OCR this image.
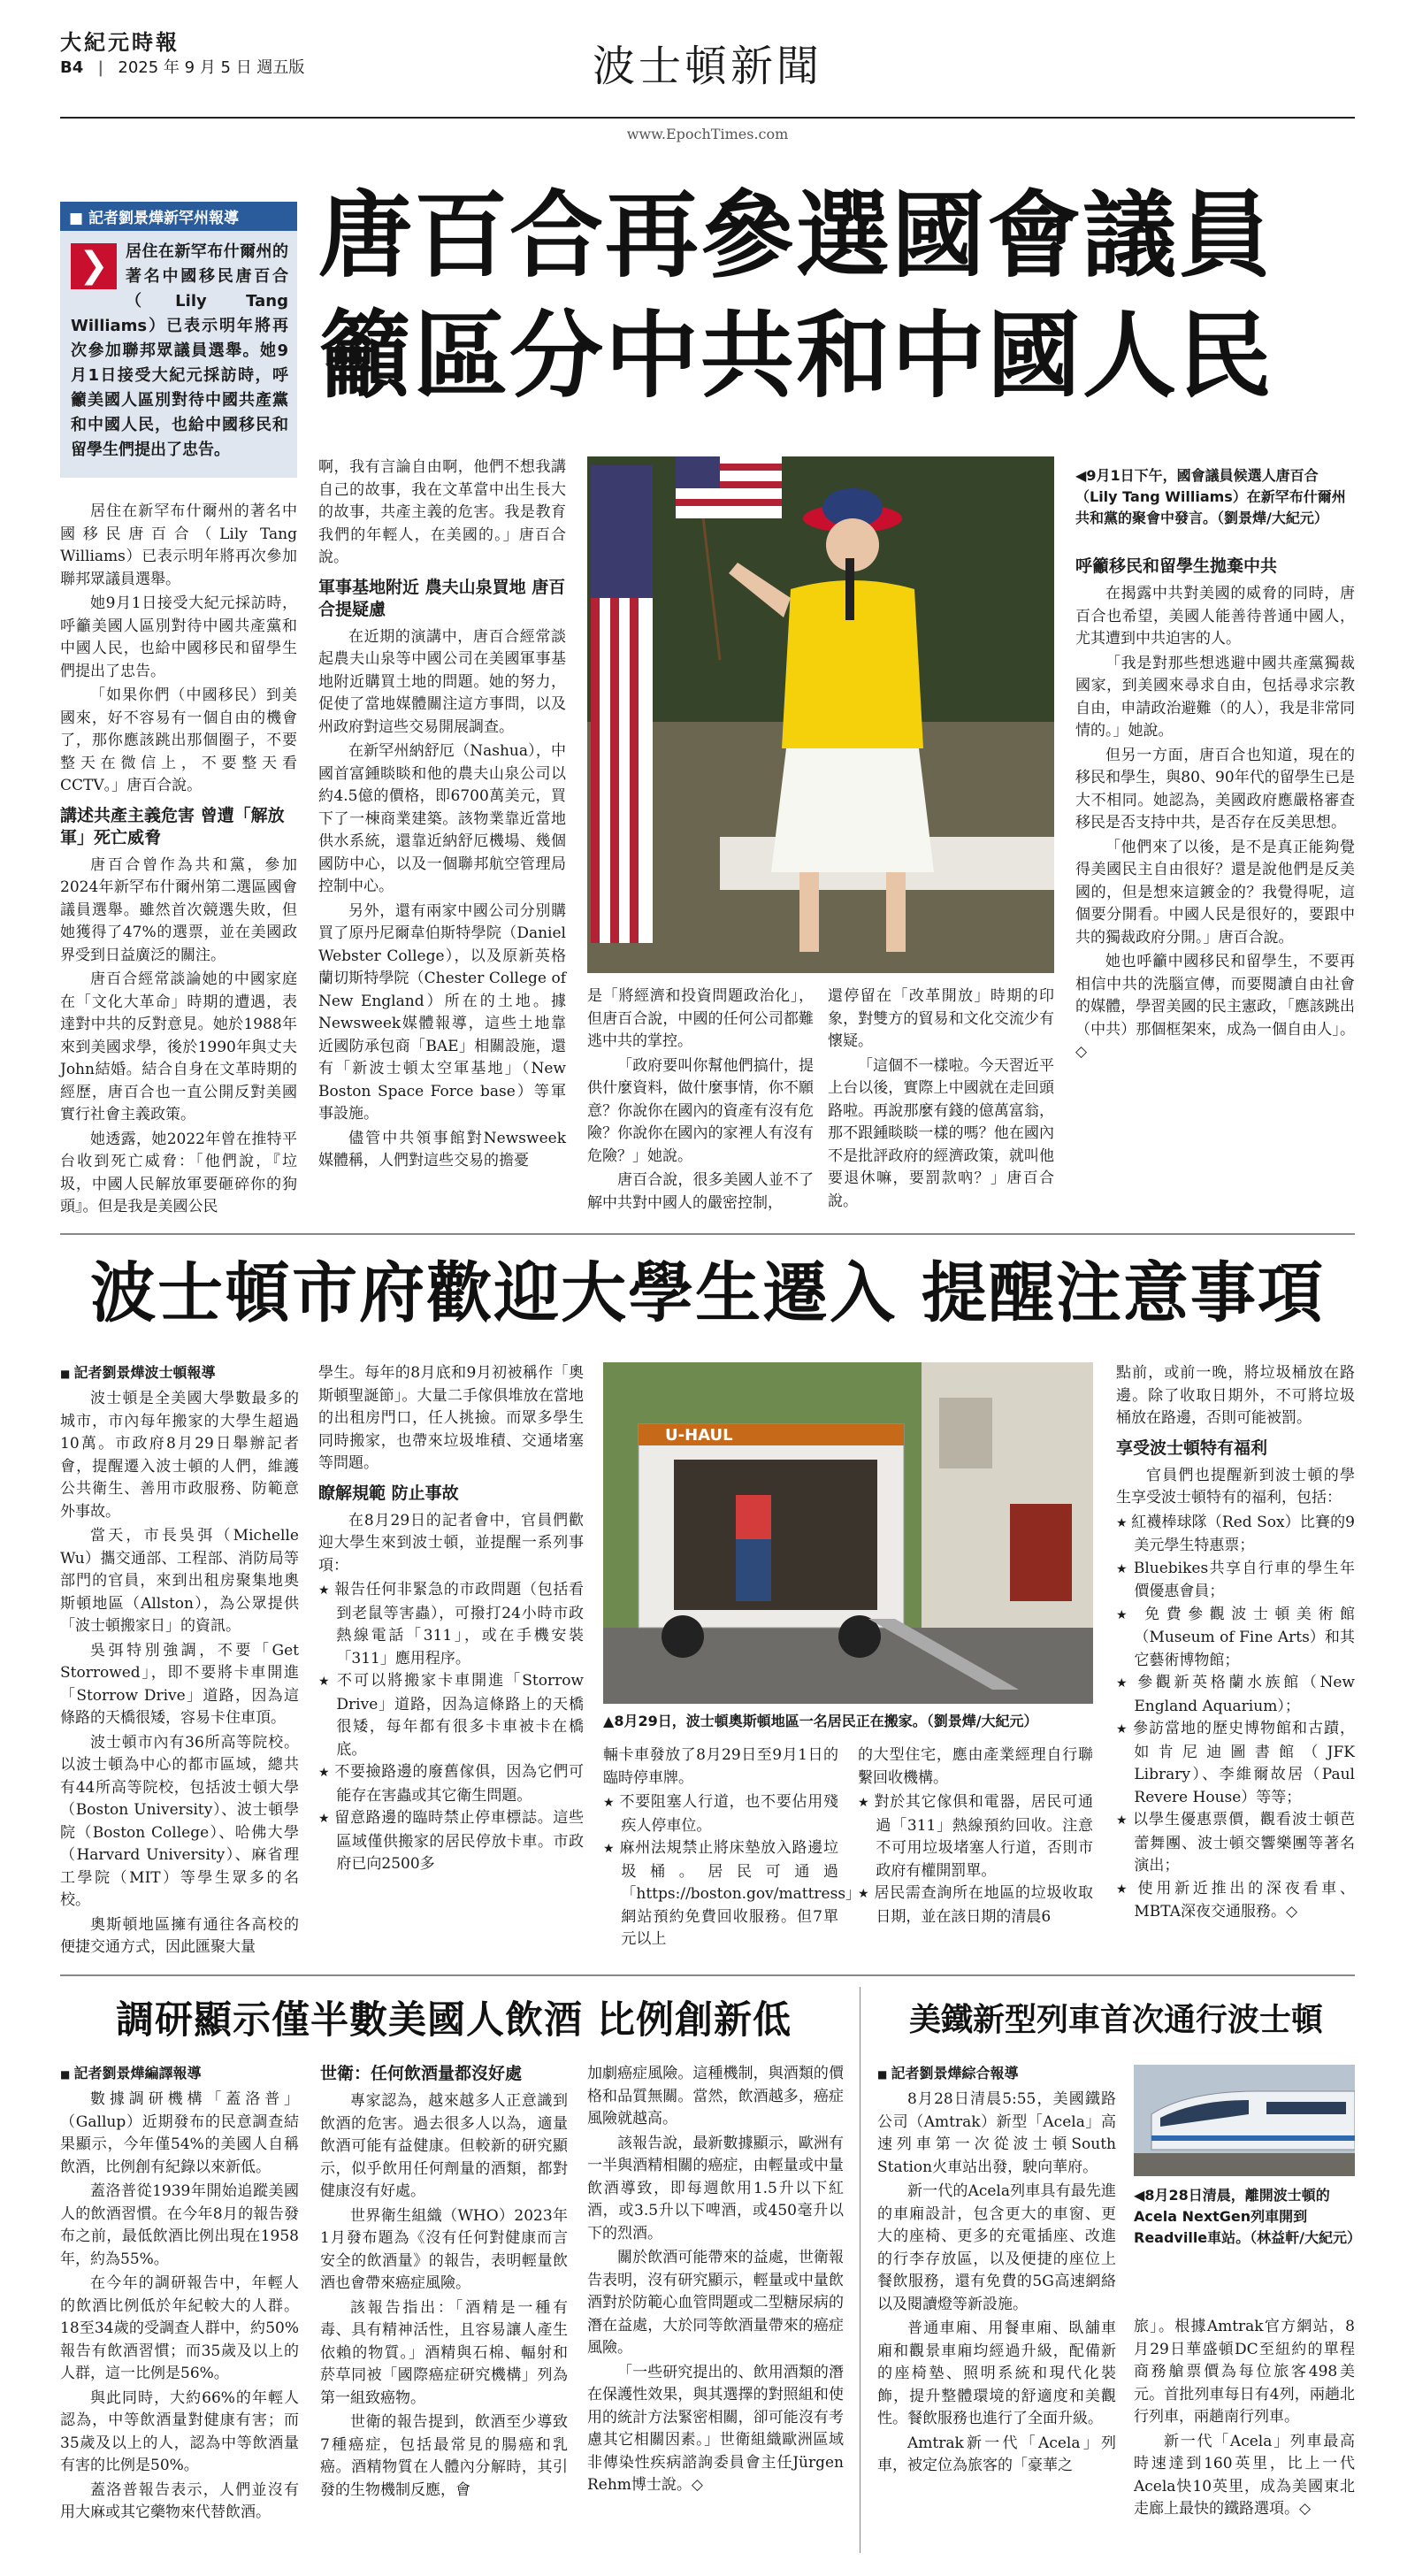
大紀元時報
B4 | 2025 年 9 月 5 日 週五版	波士頓新聞
www.EpochTimes.com
■ 記者劉景燁新罕州報導
❯	居住在新罕布什爾州的著名中國移民唐百合（Lily Tang Williams）已表示明年將再次參加聯邦眾議員選舉。她9月1日接受大紀元採訪時，呼籲美國人區別對待中國共產黨和中國人民，也給中國移民和留學生們提出了忠告。
唐百合再參選國會議員
籲區分中共和中國人民

居住在新罕布什爾州的著名中國移民唐百合（Lily Tang Williams）已表示明年將再次參加聯邦眾議員選舉。

她9月1日接受大紀元採訪時，呼籲美國人區別對待中國共產黨和中國人民，也給中國移民和留學生們提出了忠告。

「如果你們（中國移民）到美國來，好不容易有一個自由的機會了，那你應該跳出那個圈子，不要整天在微信上，不要整天看CCTV。」唐百合說。

講述共產主義危害 曾遭「解放軍」死亡威脅

唐百合曾作為共和黨，參加2024年新罕布什爾州第二選區國會議員選舉。雖然首次競選失敗，但她獲得了47%的選票，並在美國政界受到日益廣泛的關注。

唐百合經常談論她的中國家庭在「文化大革命」時期的遭遇，表達對中共的反對意見。她於1988年來到美國求學，後於1990年與丈夫John結婚。結合自身在文革時期的經歷，唐百合也一直公開反對美國實行社會主義政策。

她透露，她2022年曾在推特平台收到死亡威脅：「他們說，『垃圾，中國人民解放軍要砸碎你的狗頭』。但是我是美國公民

啊，我有言論自由啊，他們不想我講自己的故事，我在文革當中出生長大的故事，共產主義的危害。我是教育我們的年輕人，在美國的。」唐百合說。

軍事基地附近 農夫山泉買地 唐百合提疑慮

在近期的演講中，唐百合經常談起農夫山泉等中國公司在美國軍事基地附近購買土地的問題。她的努力，促使了當地媒體關注這方事問，以及州政府對這些交易開展調查。

在新罕州納舒厄（Nashua），中國首富鍾睒睒和他的農夫山泉公司以約4.5億的價格，即6700萬美元，買下了一棟商業建築。該物業靠近當地供水系統，還靠近納舒厄機場、幾個國防中心，以及一個聯邦航空管理局控制中心。

另外，還有兩家中國公司分別購買了原丹尼爾韋伯斯特學院（Daniel Webster College），以及原新英格蘭切斯特學院（Chester College of New England）所在的土地。據Newsweek媒體報導，這些土地靠近國防承包商「BAE」相關設施，還有「新波士頓太空軍基地」（New Boston Space Force base）等軍事設施。

儘管中共領事館對Newsweek媒體稱，人們對這些交易的擔憂

是「將經濟和投資問題政治化」，但唐百合說，中國的任何公司都難逃中共的掌控。

「政府要叫你幫他們搞什，提供什麼資料，做什麼事情，你不願意？你說你在國內的資產有沒有危險？你說你在國內的家裡人有沒有危險？」她說。

唐百合說，很多美國人並不了解中共對中國人的嚴密控制，

還停留在「改革開放」時期的印象，對雙方的貿易和文化交流少有懷疑。

「這個不一樣啦。今天習近平上台以後，實際上中國就在走回頭路啦。再說那麼有錢的億萬富翁，那不跟鍾睒睒一樣的嗎？他在國內不是批評政府的經濟政策，就叫他要退休嘛，要罰款吶？」唐百合說。

◀9月1日下午，國會議員候選人唐百合（Lily Tang Williams）在新罕布什爾州共和黨的聚會中發言。（劉景燁/大紀元）
呼籲移民和留學生拋棄中共

在揭露中共對美國的威脅的同時，唐百合也希望，美國人能善待普通中國人，尤其遭到中共迫害的人。

「我是對那些想逃避中國共產黨獨裁國家，到美國來尋求自由，包括尋求宗教自由，申請政治避難（的人），我是非常同情的。」她說。

但另一方面，唐百合也知道，現在的移民和學生，與80、90年代的留學生已是大不相同。她認為，美國政府應嚴格審查移民是否支持中共，是否存在反美思想。

「他們來了以後，是不是真正能夠覺得美國民主自由很好？還是說他們是反美國的，但是想來這鍍金的？我覺得呢，這個要分開看。中國人民是很好的，要跟中共的獨裁政府分開。」唐百合說。

她也呼籲中國移民和留學生，不要再相信中共的洗腦宣傳，而要閱讀自由社會的媒體，學習美國的民主憲政，「應該跳出（中共）那個框架來，成為一個自由人」。◇

波士頓市府歡迎大學生遷入 提醒注意事項
■ 記者劉景燁波士頓報導

波士頓是全美國大學數最多的城市，市內每年搬家的大學生超過10萬。市政府8月29日舉辦記者會，提醒遷入波士頓的人們，維護公共衛生、善用市政服務、防範意外事故。

當天，市長吳弭（Michelle Wu）攜交通部、工程部、消防局等部門的官員，來到出租房聚集地奧斯頓地區（Allston），為公眾提供「波士頓搬家日」的資訊。

吳弭特別強調，不要「Get Storrowed」，即不要將卡車開進「Storrow Drive」道路，因為這條路的天橋很矮，容易卡住車頂。

波士頓市內有36所高等院校。以波士頓為中心的都市區域，總共有44所高等院校，包括波士頓大學（Boston University）、波士頓學院（Boston College）、哈佛大學（Harvard University）、麻省理工學院（MIT）等學生眾多的名校。

奧斯頓地區擁有通往各高校的便捷交通方式，因此匯聚大量

學生。每年的8月底和9月初被稱作「奧斯頓聖誕節」。大量二手傢俱堆放在當地的出租房門口，任人挑撿。而眾多學生同時搬家，也帶來垃圾堆積、交通堵塞等問題。

瞭解規範 防止事故

在8月29日的記者會中，官員們歡迎大學生來到波士頓，並提醒一系列事項：

★ 報告任何非緊急的市政問題（包括看到老鼠等害蟲），可撥打24小時市政熱線電話「311」，或在手機安裝「311」應用程序。
★ 不可以將搬家卡車開進「Storrow Drive」道路，因為這條路上的天橋很矮，每年都有很多卡車被卡在橋底。
★ 不要撿路邊的廢舊傢俱，因為它們可能存在害蟲或其它衛生問題。
★ 留意路邊的臨時禁止停車標誌。這些區域僅供搬家的居民停放卡車。市政府已向2500多
U-HAUL
▲8月29日，波士頓奧斯頓地區一名居民正在搬家。（劉景燁/大紀元）

輛卡車發放了8月29日至9月1日的臨時停車牌。

★ 不要阻塞人行道，也不要佔用殘疾人停車位。
★ 麻州法規禁止將床墊放入路邊垃圾桶。居民可通過「https://boston.gov/mattress」網站預約免費回收服務。但7單元以上

的大型住宅，應由產業經理自行聯繫回收機構。

★ 對於其它傢俱和電器，居民可通過「311」熱線預約回收。注意不可用垃圾堵塞人行道，否則市政府有權開罰單。
★ 居民需查詢所在地區的垃圾收取日期，並在該日期的清晨6

點前，或前一晚，將垃圾桶放在路邊。除了收取日期外，不可將垃圾桶放在路邊，否則可能被罰。

享受波士頓特有福利

官員們也提醒新到波士頓的學生享受波士頓特有的福利，包括：

★ 紅襪棒球隊（Red Sox）比賽的9美元學生特惠票；
★ Bluebikes共享自行車的學生年價優惠會員；
★ 免費參觀波士頓美術館（Museum of Fine Arts）和其它藝術博物館；
★ 參觀新英格蘭水族館（New England Aquarium）；
★ 參訪當地的歷史博物館和古蹟，如肯尼迪圖書館（JFK Library）、李維爾故居（Paul Revere House）等等；
★ 以學生優惠票價，觀看波士頓芭蕾舞團、波士頓交響樂團等著名演出；
★ 使用新近推出的深夜看車、MBTA深夜交通服務。◇
調研顯示僅半數美國人飲酒 比例創新低
■ 記者劉景燁編譯報導

數據調研機構「蓋洛普」（Gallup）近期發布的民意調查結果顯示，今年僅54%的美國人自稱飲酒，比例創有紀錄以來新低。

蓋洛普從1939年開始追蹤美國人的飲酒習慣。在今年8月的報告發布之前，最低飲酒比例出現在1958年，約為55%。

在今年的調研報告中，年輕人的飲酒比例低於年紀較大的人群。18至34歲的受調查人群中，約50%報告有飲酒習慣；而35歲及以上的人群，這一比例是56%。

與此同時，大約66%的年輕人認為，中等飲酒量對健康有害；而35歲及以上的人，認為中等飲酒量有害的比例是50%。

蓋洛普報告表示，人們並沒有用大麻或其它藥物來代替飲酒。

世衛：任何飲酒量都沒好處

專家認為，越來越多人正意識到飲酒的危害。過去很多人以為，適量飲酒可能有益健康。但較新的研究顯示，似乎飲用任何劑量的酒類，都對健康沒有好處。

世界衛生組織（WHO）2023年1月發布題為《沒有任何對健康而言安全的飲酒量》的報告，表明輕量飲酒也會帶來癌症風險。

該報告指出：「酒精是一種有毒、具有精神活性，且容易讓人產生依賴的物質。」酒精與石棉、輻射和菸草同被「國際癌症研究機構」列為第一組致癌物。

世衛的報告提到，飲酒至少導致7種癌症，包括最常見的腸癌和乳癌。酒精物質在人體內分解時，其引發的生物機制反應，會

加劇癌症風險。這種機制，與酒類的價格和品質無關。當然，飲酒越多，癌症風險就越高。

該報告說，最新數據顯示，歐洲有一半與酒精相關的癌症，由輕量或中量飲酒導致，即每週飲用1.5升以下紅酒，或3.5升以下啤酒，或450毫升以下的烈酒。

關於飲酒可能帶來的益處，世衛報告表明，沒有研究顯示，輕量或中量飲酒對於防範心血管問題或二型糖尿病的潛在益處，大於同等飲酒量帶來的癌症風險。

「一些研究提出的、飲用酒類的潛在保護性效果，與其選擇的對照組和使用的統計方法緊密相關，卻可能沒有考慮其它相關因素。」世衛組織歐洲區域非傳染性疾病諮詢委員會主任Jürgen Rehm博士說。◇

美鐵新型列車首次通行波士頓
■ 記者劉景燁綜合報導

8月28日清晨5:55，美國鐵路公司（Amtrak）新型「Acela」高速列車第一次從波士頓South Station火車站出發，駛向華府。

新一代的Acela列車具有最先進的車廂設計，包含更大的車窗、更大的座椅、更多的充電插座、改進的行李存放區，以及便捷的座位上餐飲服務，還有免費的5G高速網絡以及閱讀燈等新設施。

普通車廂、用餐車廂、臥舖車廂和觀景車廂均經過升級，配備新的座椅墊、照明系統和現代化裝飾，提升整體環境的舒適度和美觀性。餐飲服務也進行了全面升級。

Amtrak新一代「Acela」列車，被定位為旅客的「豪華之

◀8月28日清晨，離開波士頓的Acela NextGen列車開到Readville車站。（林益軒/大紀元）

旅」。根據Amtrak官方網站，8月29日華盛頓DC至紐約的單程商務艙票價為每位旅客498美元。首批列車每日有4列，兩趟北行列車，兩趟南行列車。

新一代「Acela」列車最高時速達到160英里，比上一代Acela快10英里，成為美國東北走廊上最快的鐵路選項。◇
